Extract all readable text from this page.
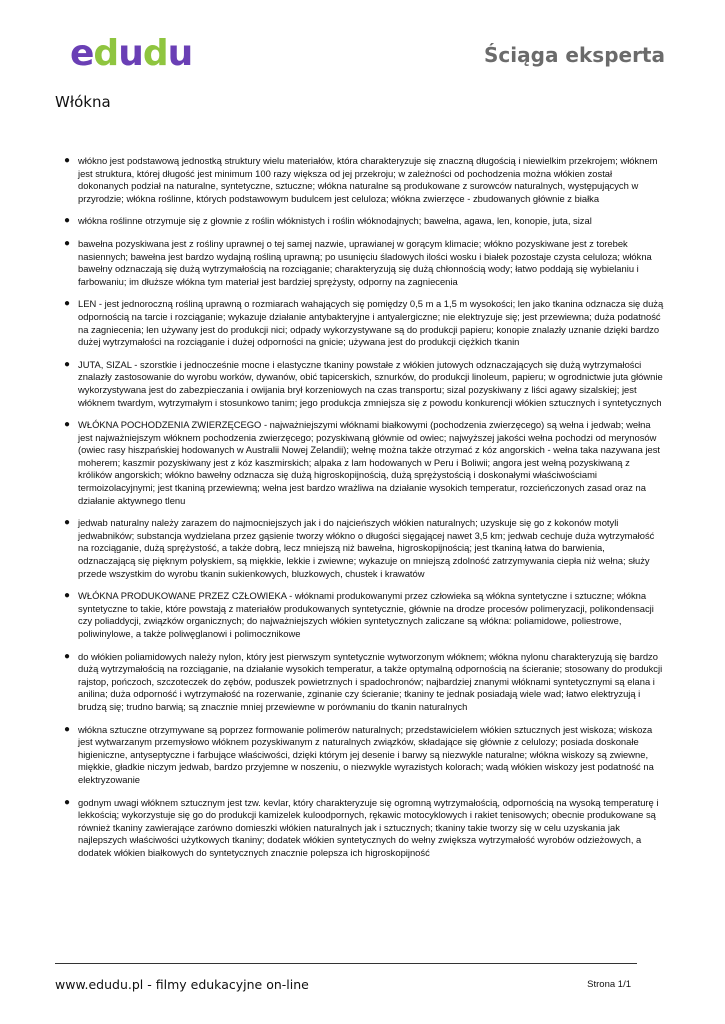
edudu	Ściąga eksperta
Włókna
● włókno jest podstawową jednostką struktury wielu materiałów, która charakteryzuje się znaczną długością i niewielkim przekrojem; włóknem jest struktura, której długość jest minimum 100 razy większa od jej przekroju; w zależności od pochodzenia można włókien został dokonanych podział na naturalne, syntetyczne, sztuczne; włókna naturalne są produkowane z surowców naturalnych, występujących w przyrodzie; włókna roślinne, których podstawowym budulcem jest celuloza; włókna zwierzęce - zbudowanych głównie z białka
● włókna roślinne otrzymuje się z głownie z roślin włóknistych i roślin włóknodajnych; bawełna, agawa, len, konopie, juta, sizal
● bawełna pozyskiwana jest z rośliny uprawnej o tej samej nazwie, uprawianej w gorącym klimacie; włókno pozyskiwane jest z torebek nasiennych; bawełna jest bardzo wydajną rośliną uprawną; po usunięciu śladowych ilości wosku i białek pozostaje czysta celuloza; włókna bawełny odznaczają się dużą wytrzymałością na rozciąganie; charakteryzują się dużą chłonnością wody; łatwo poddają się wybielaniu i farbowaniu; im dłuższe włókna tym materiał jest bardziej sprężysty, odporny na zagniecenia
● LEN - jest jednoroczną rośliną uprawną o rozmiarach wahających się pomiędzy 0,5 m a 1,5 m wysokości; len jako tkanina odznacza się dużą odpornością na tarcie i rozciąganie; wykazuje działanie antybakteryjne i antyalergiczne; nie elektryzuje się; jest przewiewna; duża podatność na zagniecenia; len używany jest do produkcji nici; odpady wykorzystywane są do produkcji papieru; konopie znalazły uznanie dzięki bardzo dużej wytrzymałości na rozciąganie i dużej odporności na gnicie; używana jest do produkcji ciężkich tkanin
● JUTA, SIZAL - szorstkie i jednocześnie mocne i elastyczne tkaniny powstałe z włókien jutowych odznaczających się dużą wytrzymałości znalazły zastosowanie do wyrobu worków, dywanów, obić tapicerskich, sznurków, do produkcji linoleum, papieru; w ogrodnictwie juta głównie wykorzystywana jest do zabezpieczania i owijania brył korzeniowych na czas transportu; sizal pozyskiwany z liści agawy sizalskiej; jest włóknem twardym, wytrzymałym i stosunkowo tanim; jego produkcja zmniejsza się z powodu konkurencji włókien sztucznych i syntetycznych
● WŁÓKNA POCHODZENIA ZWIERZĘCEGO - najważniejszymi włóknami białkowymi (pochodzenia zwierzęcego) są wełna i jedwab; wełna jest najważniejszym włóknem pochodzenia zwierzęcego; pozyskiwaną głównie od owiec; najwyższej jakości wełna pochodzi od merynosów (owiec rasy hiszpańskiej hodowanych w Australii Nowej Zelandii); wełnę można także otrzymać z kóz angorskich - wełna taka nazywana jest moherem; kaszmir pozyskiwany jest z kóz kaszmirskich; alpaka z lam hodowanych w Peru i Boliwii; angora jest wełną pozyskiwaną z królików angorskich; włókno bawełny odznacza się dużą higroskopijnością, dużą sprężystością i doskonałymi właściwościami termoizolacyjnymi; jest tkaniną przewiewną; wełna jest bardzo wrażliwa na działanie wysokich temperatur, rozcieńczonych zasad oraz na działanie aktywnego tlenu
● jedwab naturalny należy zarazem do najmocniejszych jak i do najcieńszych włókien naturalnych; uzyskuje się go z kokonów motyli jedwabników; substancja wydzielana przez gąsienie tworzy włókno o długości sięgającej nawet 3,5 km; jedwab cechuje duża wytrzymałość na rozciąganie, dużą sprężystość, a także dobrą, lecz mniejszą niż bawełna, higroskopijnością; jest tkaniną łatwa do barwienia, odznaczającą się pięknym połyskiem, są miękkie, lekkie i zwiewne; wykazuje on mniejszą zdolność zatrzymywania ciepła niż wełna; służy przede wszystkim do wyrobu tkanin sukienkowych, bluzkowych, chustek i krawatów
● WŁÓKNA PRODUKOWANE PRZEZ CZŁOWIEKA - włóknami produkowanymi przez człowieka są włókna syntetyczne i sztuczne; włókna syntetyczne to takie, które powstają z materiałów produkowanych syntetycznie, głównie na drodze procesów polimeryzacji, polikondensacji czy poliaddycji, związków organicznych; do najważniejszych włókien syntetycznych zaliczane są włókna: poliamidowe, poliestrowe, poliwinylowe, a także poliwęglanowi i polimocznikowe
● do włókien poliamidowych należy nylon, który jest pierwszym syntetycznie wytworzonym włóknem; włókna nylonu charakteryzują się bardzo dużą wytrzymałością na rozciąganie, na działanie wysokich temperatur, a także optymalną odpornością na ścieranie; stosowany do produkcji rajstop, pończoch, szczoteczek do zębów, poduszek powietrznych i spadochronów; najbardziej znanymi włóknami syntetycznymi są elana i anilina; duża odporność i wytrzymałość na rozerwanie, zginanie czy ścieranie; tkaniny te jednak posiadają wiele wad; łatwo elektryzują i brudzą się; trudno barwią; są znacznie mniej przewiewne w porównaniu do tkanin naturalnych
● włókna sztuczne otrzymywane są poprzez formowanie polimerów naturalnych; przedstawicielem włókien sztucznych jest wiskoza; wiskoza jest wytwarzanym przemysłowo włóknem pozyskiwanym z naturalnych związków, składające się głównie z celulozy; posiada doskonałe higieniczne, antyseptyczne i farbujące właściwości, dzięki którym jej desenie i barwy są niezwykle naturalne; włókna wiskozy są zwiewne, miękkie, gładkie niczym jedwab, bardzo przyjemne w noszeniu, o niezwykle wyrazistych kolorach; wadą włókien wiskozy jest podatność na elektryzowanie
● godnym uwagi włóknem sztucznym jest tzw. kevlar, który charakteryzuje się ogromną wytrzymałością, odpornością na wysoką temperaturę i lekkością; wykorzystuje się go do produkcji kamizelek kuloodpornych, rękawic motocyklowych i rakiet tenisowych; obecnie produkowane są również tkaniny zawierające zarówno domieszki włókien naturalnych jak i sztucznych; tkaniny takie tworzy się w celu uzyskania jak najlepszych właściwości użytkowych tkaniny; dodatek włókien syntetycznych do wełny zwiększa wytrzymałość wyrobów odzieżowych, a dodatek włókien białkowych do syntetycznych znacznie polepsza ich higroskopijność
www.edudu.pl - filmy edukacyjne on-line	Strona 1/1
